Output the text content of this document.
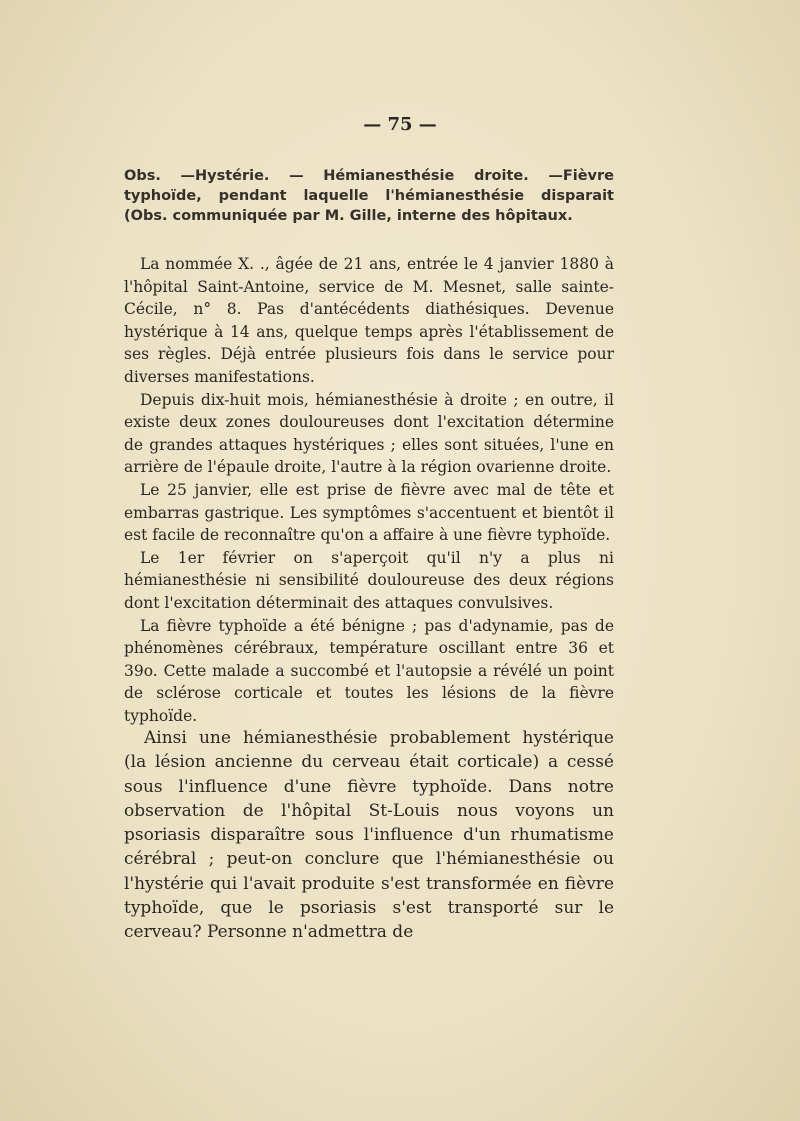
— 75 —
Obs. —Hystérie. — Hémianesthésie droite. —Fièvre typhoïde, pendant laquelle l'hémianesthésie disparait (Obs. communiquée par M. Gille, interne des hôpitaux.

La nommée X. ., âgée de 21 ans, entrée le 4 janvier 1880 à l'hôpital Saint-Antoine, service de M. Mesnet, salle sainte-Cécile, n° 8. Pas d'antécédents diathésiques. Devenue hystérique à 14 ans, quelque temps après l'établissement de ses règles. Déjà entrée plusieurs fois dans le service pour diverses manifestations.

Depuis dix-huit mois, hémianesthésie à droite ; en outre, il existe deux zones douloureuses dont l'excitation détermine de grandes attaques hystériques ; elles sont situées, l'une en arrière de l'épaule droite, l'autre à la région ovarienne droite.

Le 25 janvier, elle est prise de fièvre avec mal de tête et embarras gastrique. Les symptômes s'accentuent et bientôt il est facile de reconnaître qu'on a affaire à une fièvre typhoïde.

Le 1er février on s'aperçoit qu'il n'y a plus ni hémianesthésie ni sensibilité douloureuse des deux régions dont l'excitation déterminait des attaques convulsives.

La fièvre typhoïde a été bénigne ; pas d'adynamie, pas de phénomènes cérébraux, température oscillant entre 36 et 39o. Cette malade a succombé et l'autopsie a révélé un point de sclérose corticale et toutes les lésions de la fièvre typhoïde.

Ainsi une hémianesthésie probablement hystérique (la lésion ancienne du cerveau était corticale) a cessé sous l'influence d'une fièvre typhoïde. Dans notre observation de l'hôpital St-Louis nous voyons un psoriasis disparaître sous l'influence d'un rhumatisme cérébral ; peut-on conclure que l'hémianesthésie ou l'hystérie qui l'avait produite s'est transformée en fièvre typhoïde, que le psoriasis s'est transporté sur le cerveau? Personne n'admettra de
